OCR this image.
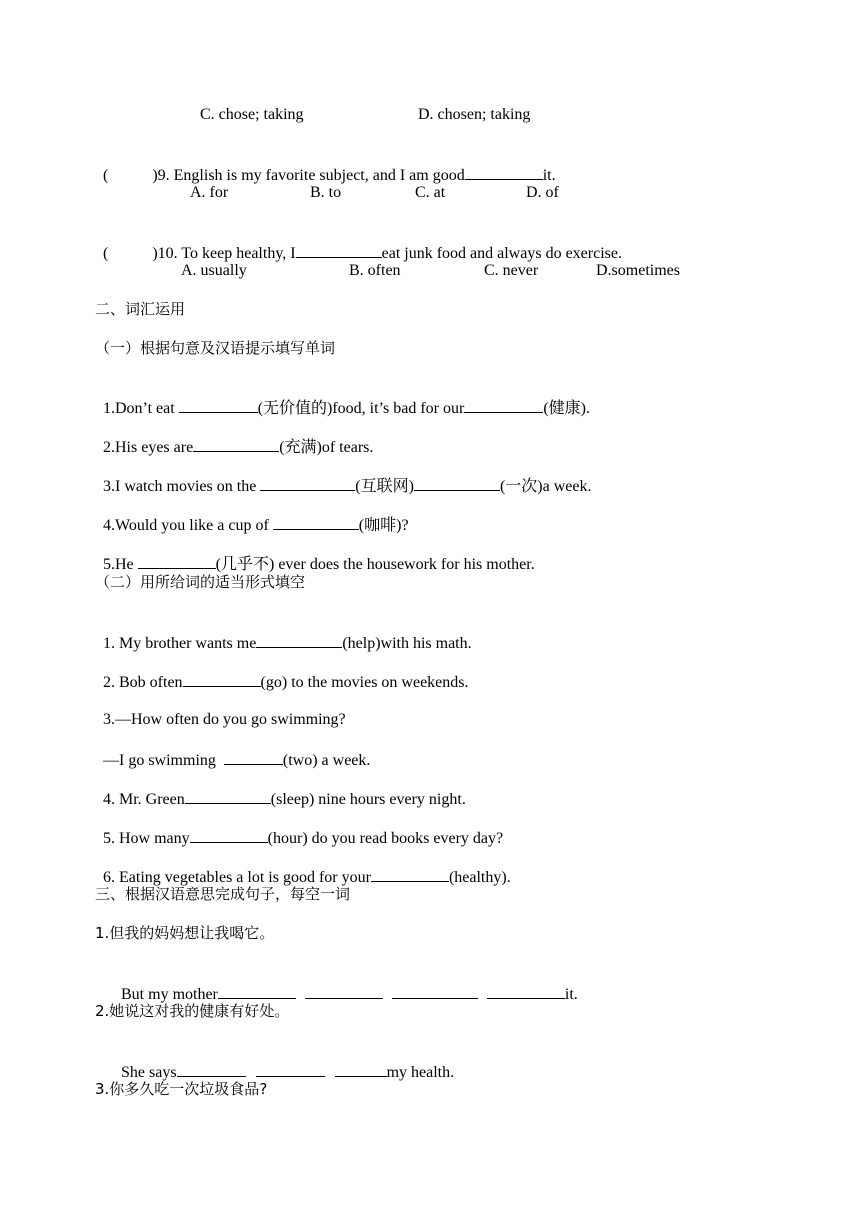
C. chose; taking	D. chosen; taking

(	)9. English is my favorite subject, and I am good	it.

A. for	B. to	C. at	D. of

(	)10. To keep healthy, I	eat junk food and always do exercise.

A. usually	B. often	C. never	D.sometimes
二、词汇运用
（一）根据句意及汉语提示填写单词

1.Don’t eat	(无价值的)food, it’s bad for our	(健康).

2.His eyes are	(充满)of tears.

3.I watch movies on the	(互联网)	(一次)a week.

4.Would you like a cup of	(咖啡)?

5.He	(几乎不) ever does the housework for his mother.

（二）用所给词的适当形式填空

1. My brother wants me	(help)with his math.

2. Bob often	(go) to the movies on weekends.

3.—How often do you go swimming?

—I go swimming	(two) a week.

4. Mr. Green	(sleep) nine hours every night.

5. How many	(hour) do you read books every day?

6. Eating vegetables a lot is good for your	(healthy).

三、根据汉语意思完成句子，每空一词
1.但我的妈妈想让我喝它。

But my mother	it.

2.她说这对我的健康有好处。

She says	my health.

3.你多久吃一次垃圾食品?
